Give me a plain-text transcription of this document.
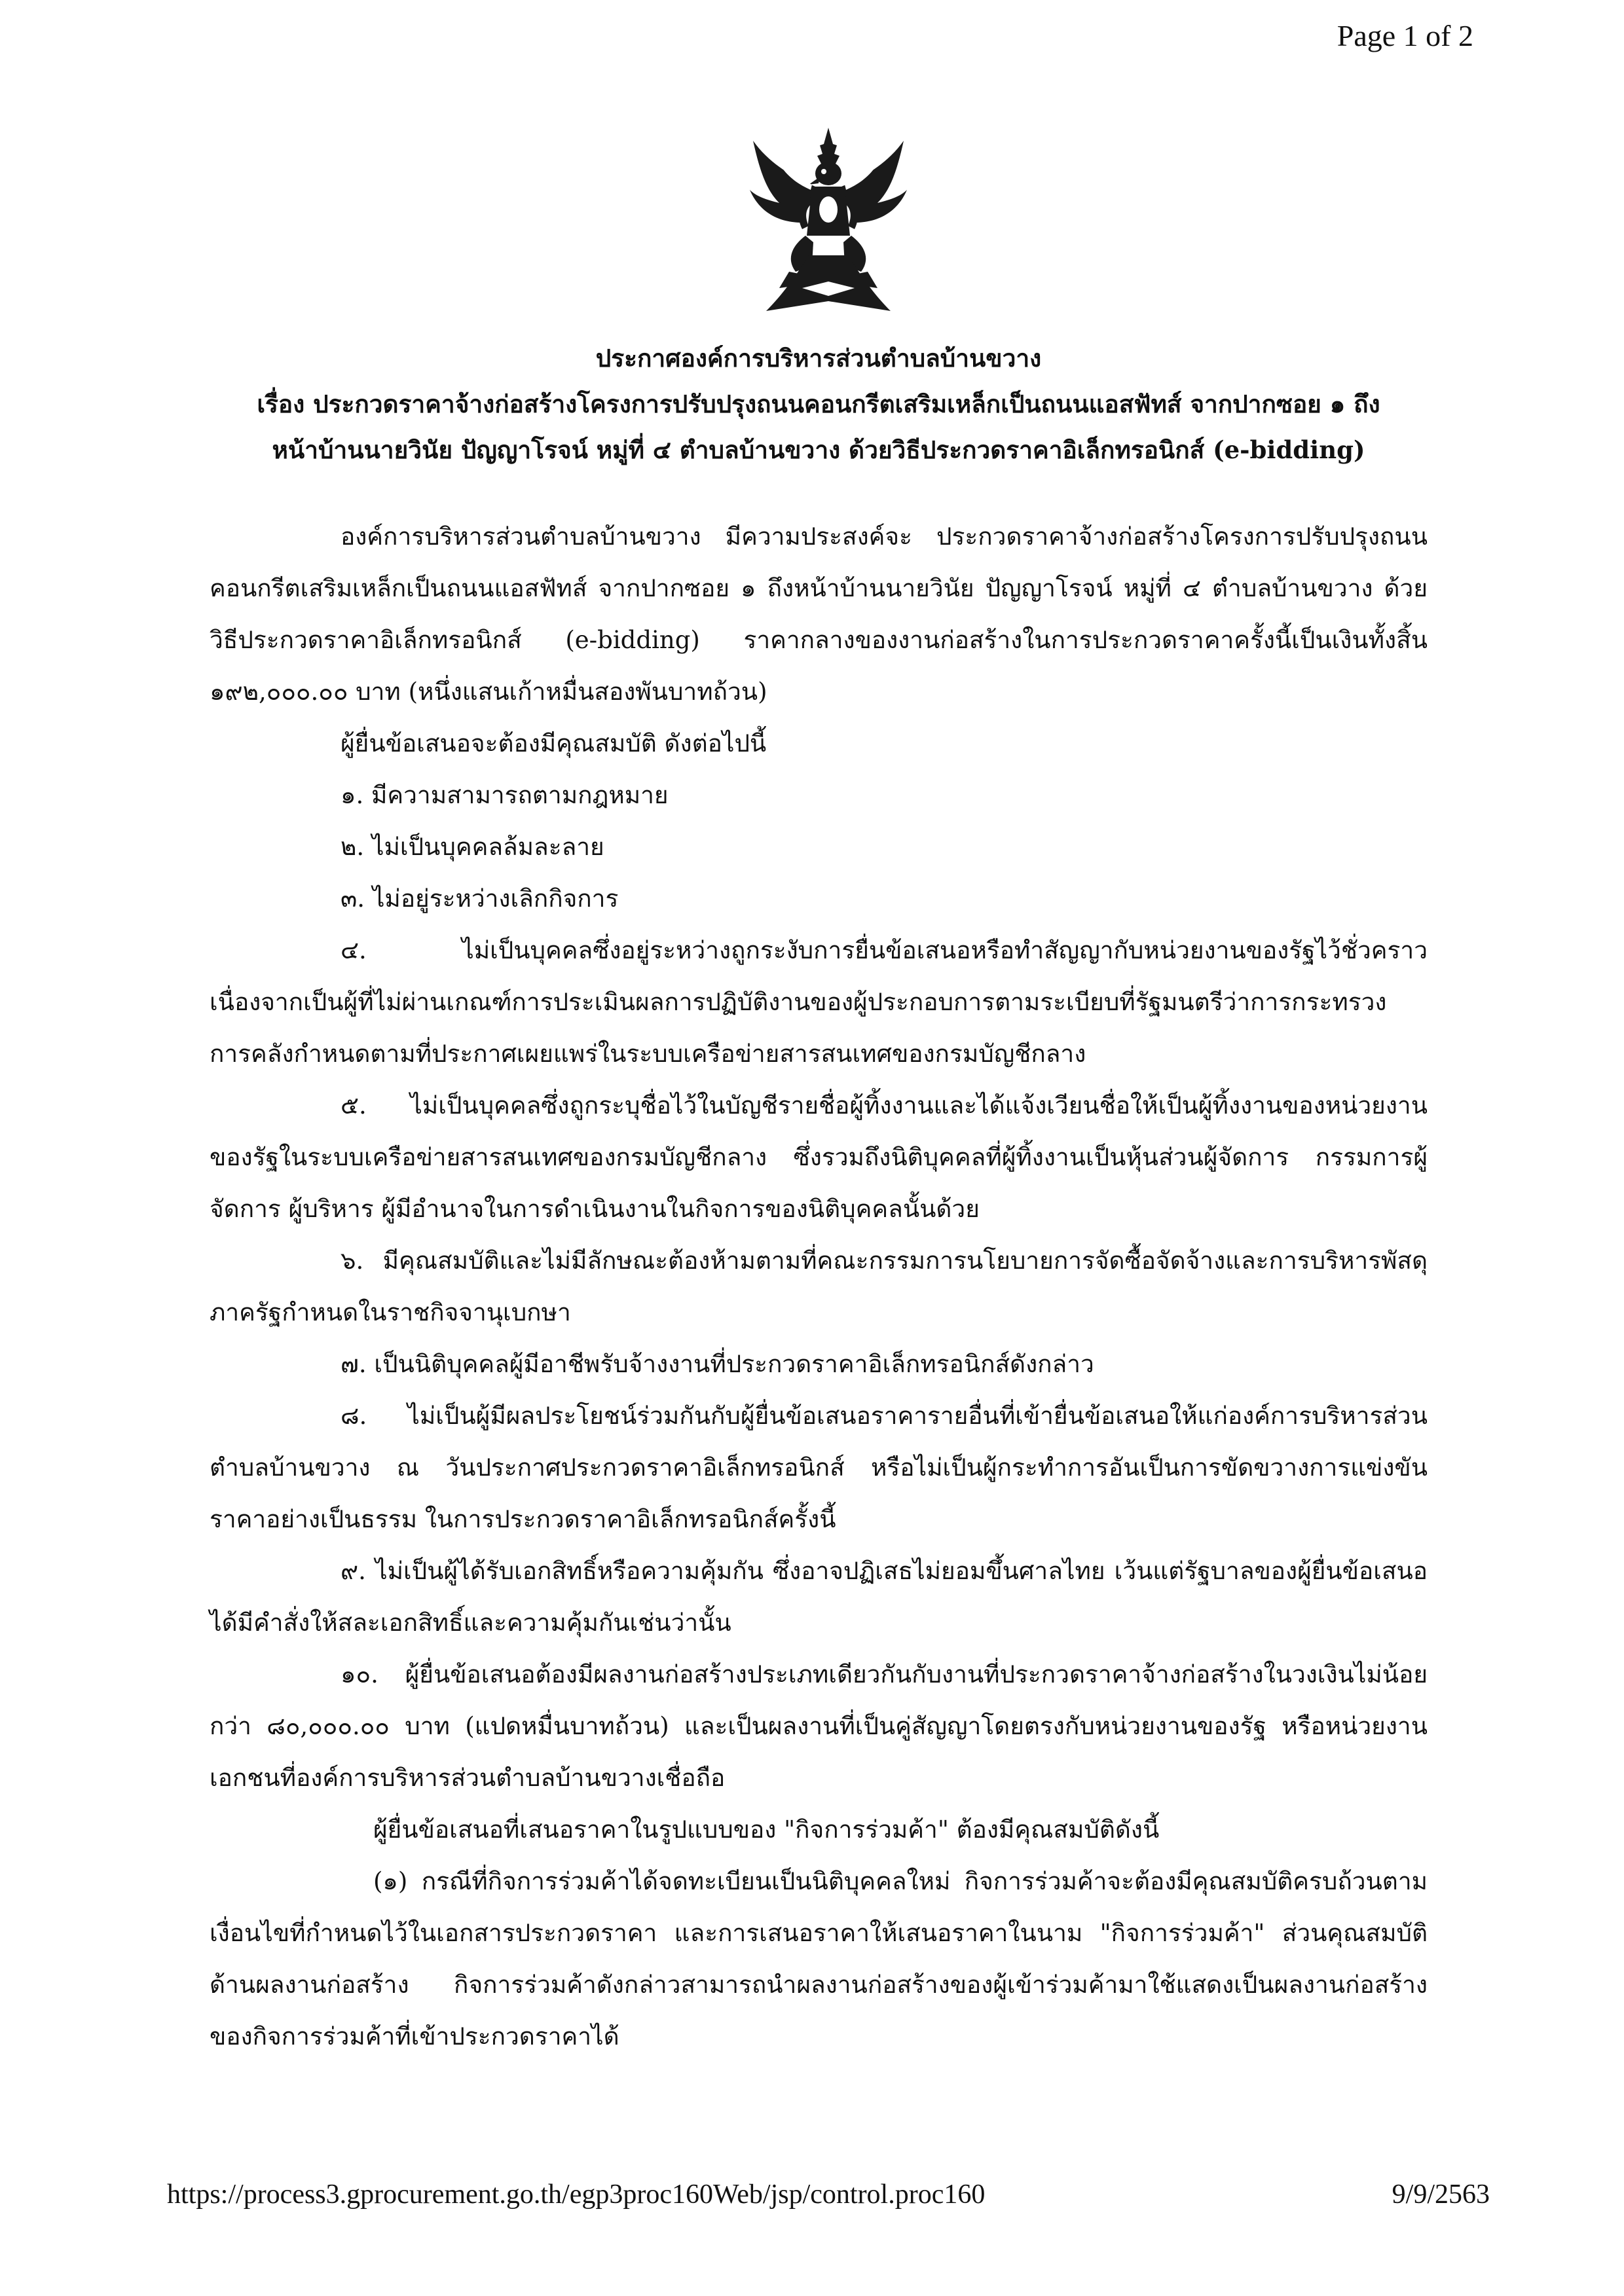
Page 1 of 2
ประกาศองค์การบริหารส่วนตำบลบ้านขวาง
เรื่อง ประกวดราคาจ้างก่อสร้างโครงการปรับปรุงถนนคอนกรีตเสริมเหล็กเป็นถนนแอสฟัทส์ จากปากซอย ๑ ถึง
หน้าบ้านนายวินัย ปัญญาโรจน์ หมู่ที่ ๔ ตำบลบ้านขวาง ด้วยวิธีประกวดราคาอิเล็กทรอนิกส์ (e-bidding)

องค์การบริหารส่วนตำบลบ้านขวาง มีความประสงค์จะ ประกวดราคาจ้างก่อสร้างโครงการปรับปรุงถนนคอนกรีตเสริมเหล็กเป็นถนนแอสฟัทส์ จากปากซอย ๑ ถึงหน้าบ้านนายวินัย ปัญญาโรจน์ หมู่ที่ ๔ ตำบลบ้านขวาง ด้วยวิธีประกวดราคาอิเล็กทรอนิกส์ (e-bidding) ราคากลางของงานก่อสร้างในการประกวดราคาครั้งนี้เป็นเงินทั้งสิ้น ๑๙๒,๐๐๐.๐๐ บาท (หนึ่งแสนเก้าหมื่นสองพันบาทถ้วน)

ผู้ยื่นข้อเสนอจะต้องมีคุณสมบัติ ดังต่อไปนี้

๑. มีความสามารถตามกฎหมาย

๒. ไม่เป็นบุคคลล้มละลาย

๓. ไม่อยู่ระหว่างเลิกกิจการ

๔. ไม่เป็นบุคคลซึ่งอยู่ระหว่างถูกระงับการยื่นข้อเสนอหรือทำสัญญากับหน่วยงานของรัฐไว้ชั่วคราวเนื่องจากเป็นผู้ที่ไม่ผ่านเกณฑ์การประเมินผลการปฏิบัติงานของผู้ประกอบการตามระเบียบที่รัฐมนตรีว่าการกระทรวงการคลังกำหนดตามที่ประกาศเผยแพร่ในระบบเครือข่ายสารสนเทศของกรมบัญชีกลาง

๕. ไม่เป็นบุคคลซึ่งถูกระบุชื่อไว้ในบัญชีรายชื่อผู้ทิ้งงานและได้แจ้งเวียนชื่อให้เป็นผู้ทิ้งงานของหน่วยงานของรัฐในระบบเครือข่ายสารสนเทศของกรมบัญชีกลาง ซึ่งรวมถึงนิติบุคคลที่ผู้ทิ้งงานเป็นหุ้นส่วนผู้จัดการ กรรมการผู้จัดการ ผู้บริหาร ผู้มีอำนาจในการดำเนินงานในกิจการของนิติบุคคลนั้นด้วย

๖. มีคุณสมบัติและไม่มีลักษณะต้องห้ามตามที่คณะกรรมการนโยบายการจัดซื้อจัดจ้างและการบริหารพัสดุภาครัฐกำหนดในราชกิจจานุเบกษา

๗. เป็นนิติบุคคลผู้มีอาชีพรับจ้างงานที่ประกวดราคาอิเล็กทรอนิกส์ดังกล่าว

๘. ไม่เป็นผู้มีผลประโยชน์ร่วมกันกับผู้ยื่นข้อเสนอราคารายอื่นที่เข้ายื่นข้อเสนอให้แก่องค์การบริหารส่วนตำบลบ้านขวาง ณ วันประกาศประกวดราคาอิเล็กทรอนิกส์ หรือไม่เป็นผู้กระทำการอันเป็นการขัดขวางการแข่งขันราคาอย่างเป็นธรรม ในการประกวดราคาอิเล็กทรอนิกส์ครั้งนี้

๙. ไม่เป็นผู้ได้รับเอกสิทธิ์หรือความคุ้มกัน ซึ่งอาจปฏิเสธไม่ยอมขึ้นศาลไทย เว้นแต่รัฐบาลของผู้ยื่นข้อเสนอได้มีคำสั่งให้สละเอกสิทธิ์และความคุ้มกันเช่นว่านั้น

๑๐. ผู้ยื่นข้อเสนอต้องมีผลงานก่อสร้างประเภทเดียวกันกับงานที่ประกวดราคาจ้างก่อสร้างในวงเงินไม่น้อยกว่า ๘๐,๐๐๐.๐๐ บาท (แปดหมื่นบาทถ้วน) และเป็นผลงานที่เป็นคู่สัญญาโดยตรงกับหน่วยงานของรัฐ หรือหน่วยงานเอกชนที่องค์การบริหารส่วนตำบลบ้านขวางเชื่อถือ

ผู้ยื่นข้อเสนอที่เสนอราคาในรูปแบบของ "กิจการร่วมค้า" ต้องมีคุณสมบัติดังนี้

(๑) กรณีที่กิจการร่วมค้าได้จดทะเบียนเป็นนิติบุคคลใหม่ กิจการร่วมค้าจะต้องมีคุณสมบัติครบถ้วนตามเงื่อนไขที่กำหนดไว้ในเอกสารประกวดราคา และการเสนอราคาให้เสนอราคาในนาม "กิจการร่วมค้า" ส่วนคุณสมบัติด้านผลงานก่อสร้าง กิจการร่วมค้าดังกล่าวสามารถนำผลงานก่อสร้างของผู้เข้าร่วมค้ามาใช้แสดงเป็นผลงานก่อสร้างของกิจการร่วมค้าที่เข้าประกวดราคาได้

https://process3.gprocurement.go.th/egp3proc160Web/jsp/control.proc160	9/9/2563
